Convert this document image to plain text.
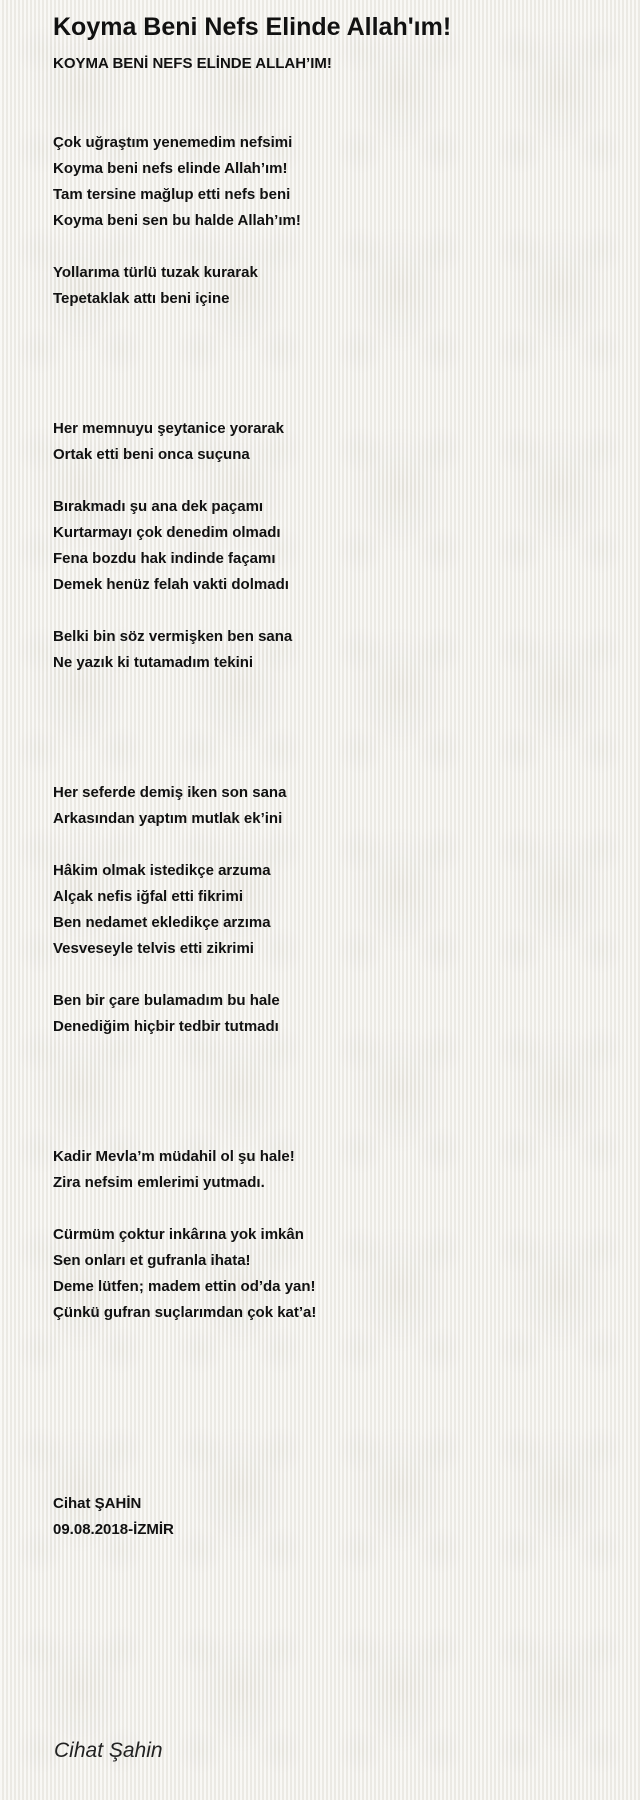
Koyma Beni Nefs Elinde Allah'ım!
KOYMA BENİ NEFS ELİNDE ALLAH’IM!
Çok uğraştım yenemedim nefsimi
Koyma beni nefs elinde Allah’ım!
Tam tersine mağlup etti nefs beni
Koyma beni sen bu halde Allah’ım!
Yollarıma türlü tuzak kurarak
Tepetaklak attı beni içine
Her memnuyu şeytanice yorarak
Ortak etti beni onca suçuna
Bırakmadı şu ana dek paçamı
Kurtarmayı çok denedim olmadı
Fena bozdu hak indinde façamı
Demek henüz felah vakti dolmadı
Belki bin söz vermişken ben sana
Ne yazık ki tutamadım tekini
Her seferde demiş iken son sana
Arkasından yaptım mutlak ek’ini
Hâkim olmak istedikçe arzuma
Alçak nefis iğfal etti fikrimi
Ben nedamet ekledikçe arzıma
Vesveseyle telvis etti zikrimi
Ben bir çare bulamadım bu hale
Denediğim hiçbir tedbir tutmadı
Kadir Mevla’m müdahil ol şu hale!
Zira nefsim emlerimi yutmadı.
Cürmüm çoktur inkârına yok imkân
Sen onları et gufranla ihata!
Deme lütfen; madem ettin od’da yan!
Çünkü gufran suçlarımdan çok kat’a!
Cihat ŞAHİN
09.08.2018-İZMİR
Cihat Şahin
